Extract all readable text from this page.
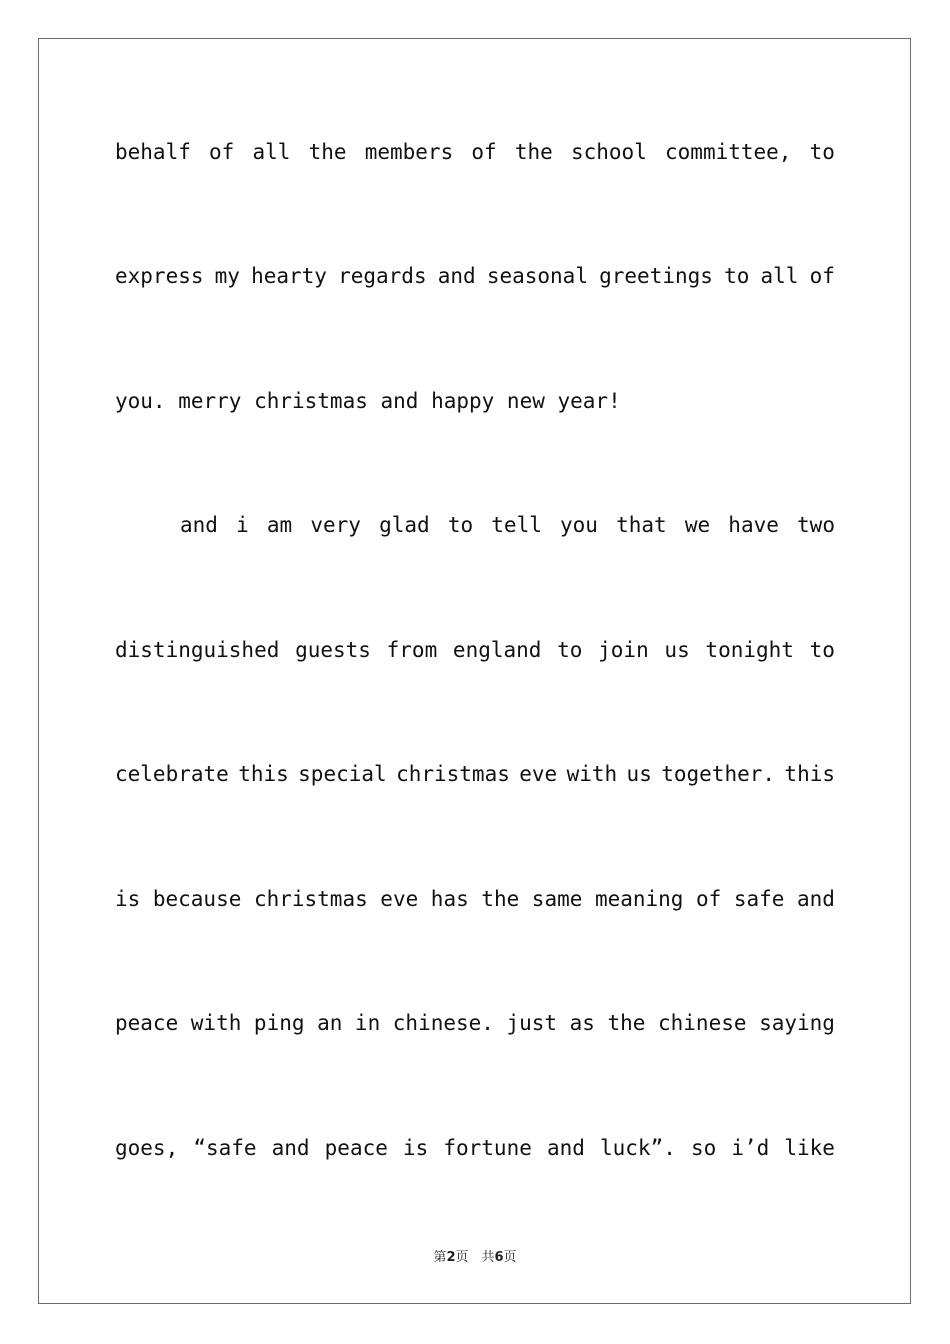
behalf of all the members of the school committee, to
express my hearty regards and seasonal greetings to all of
you. merry christmas and happy new year!
and i am very glad to tell you that we have two
distinguished guests from england to join us tonight to
celebrate this special christmas eve with us together. this
is because christmas eve has the same meaning of safe and
peace with ping an in chinese. just as the chinese saying
goes, “safe and peace is fortune and luck”. so i’d like
第2页　共6页
